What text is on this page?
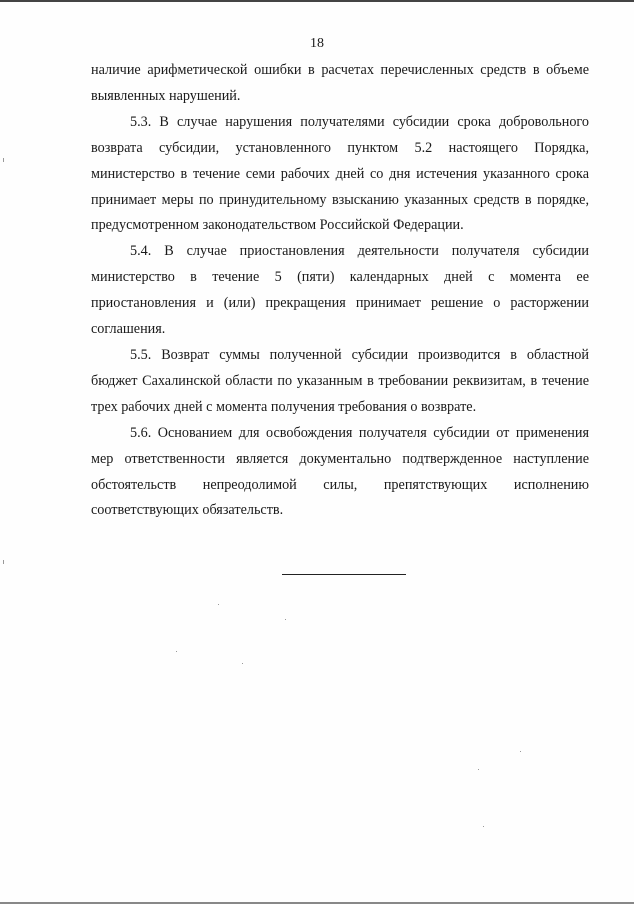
18

наличие арифметической ошибки в расчетах перечисленных средств в объеме выявленных нарушений.

5.3. В случае нарушения получателями субсидии срока добровольного возврата субсидии, установленного пунктом 5.2 настоящего Порядка, министерство в течение семи рабочих дней со дня истечения указанного срока принимает меры по принудительному взысканию указанных средств в порядке, предусмотренном законодательством Российской Федерации.

5.4. В случае приостановления деятельности получателя субсидии министерство в течение 5 (пяти) календарных дней с момента ее приостановления и (или) прекращения принимает решение о расторжении соглашения.

5.5. Возврат суммы полученной субсидии производится в областной бюджет Сахалинской области по указанным в требовании реквизитам, в течение трех рабочих дней с момента получения требования о возврате.

5.6. Основанием для освобождения получателя субсидии от применения мер ответственности является документально подтвержденное наступление обстоятельств непреодолимой силы, препятствующих исполнению соответствующих обязательств.
